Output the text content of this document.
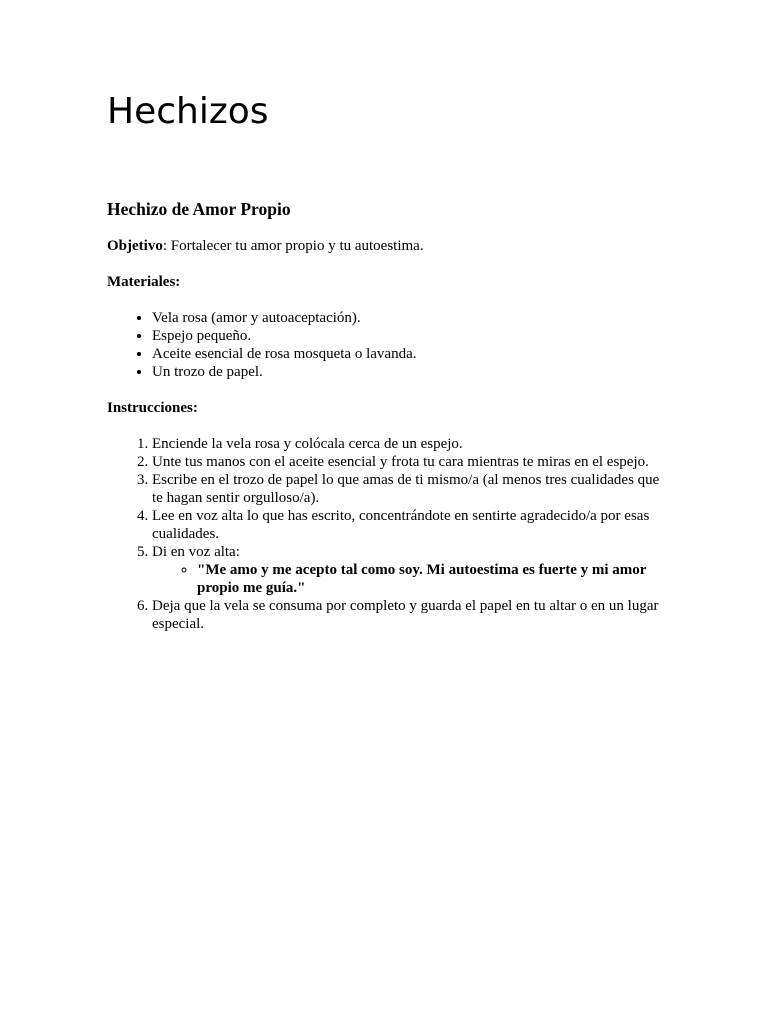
Hechizos
Hechizo de Amor Propio

Objetivo: Fortalecer tu amor propio y tu autoestima.

Materiales:

• Vela rosa (amor y autoaceptación).
• Espejo pequeño.
• Aceite esencial de rosa mosqueta o lavanda.
• Un trozo de papel.

Instrucciones:

1. Enciende la vela rosa y colócala cerca de un espejo.
2. Unte tus manos con el aceite esencial y frota tu cara mientras te miras en el espejo.
3. Escribe en el trozo de papel lo que amas de ti mismo/a (al menos tres cualidades que te hagan sentir orgulloso/a).
4. Lee en voz alta lo que has escrito, concentrándote en sentirte agradecido/a por esas cualidades.
5. Di en voz alta:
◦ "Me amo y me acepto tal como soy. Mi autoestima es fuerte y mi amor propio me guía."
6. Deja que la vela se consuma por completo y guarda el papel en tu altar o en un lugar especial.
